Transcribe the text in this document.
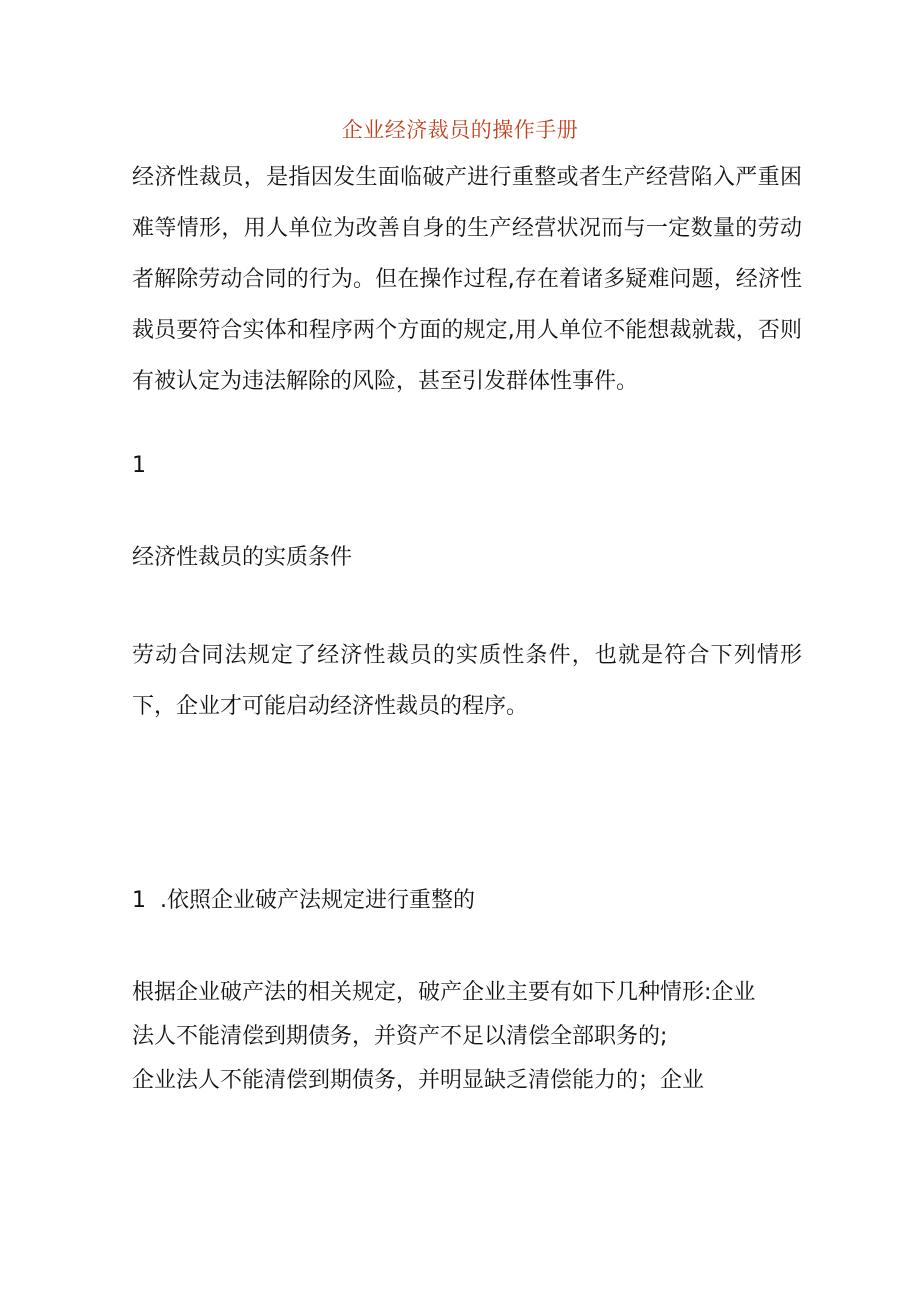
企业经济裁员的操作手册

经济性裁员，是指因发生面临破产进行重整或者生产经营陷入严重困难等情形，用人单位为改善自身的生产经营状况而与一定数量的劳动者解除劳动合同的行为。但在操作过程,存在着诸多疑难问题，经济性裁员要符合实体和程序两个方面的规定,用人单位不能想裁就裁，否则有被认定为违法解除的风险，甚至引发群体性事件。

1

经济性裁员的实质条件

劳动合同法规定了经济性裁员的实质性条件，也就是符合下列情形下，企业才可能启动经济性裁员的程序。

1  .依照企业破产法规定进行重整的

根据企业破产法的相关规定，破产企业主要有如下几种情形:企业
法人不能清偿到期债务，并资产不足以清偿全部职务的;
企业法人不能清偿到期债务，并明显缺乏清偿能力的；企业
